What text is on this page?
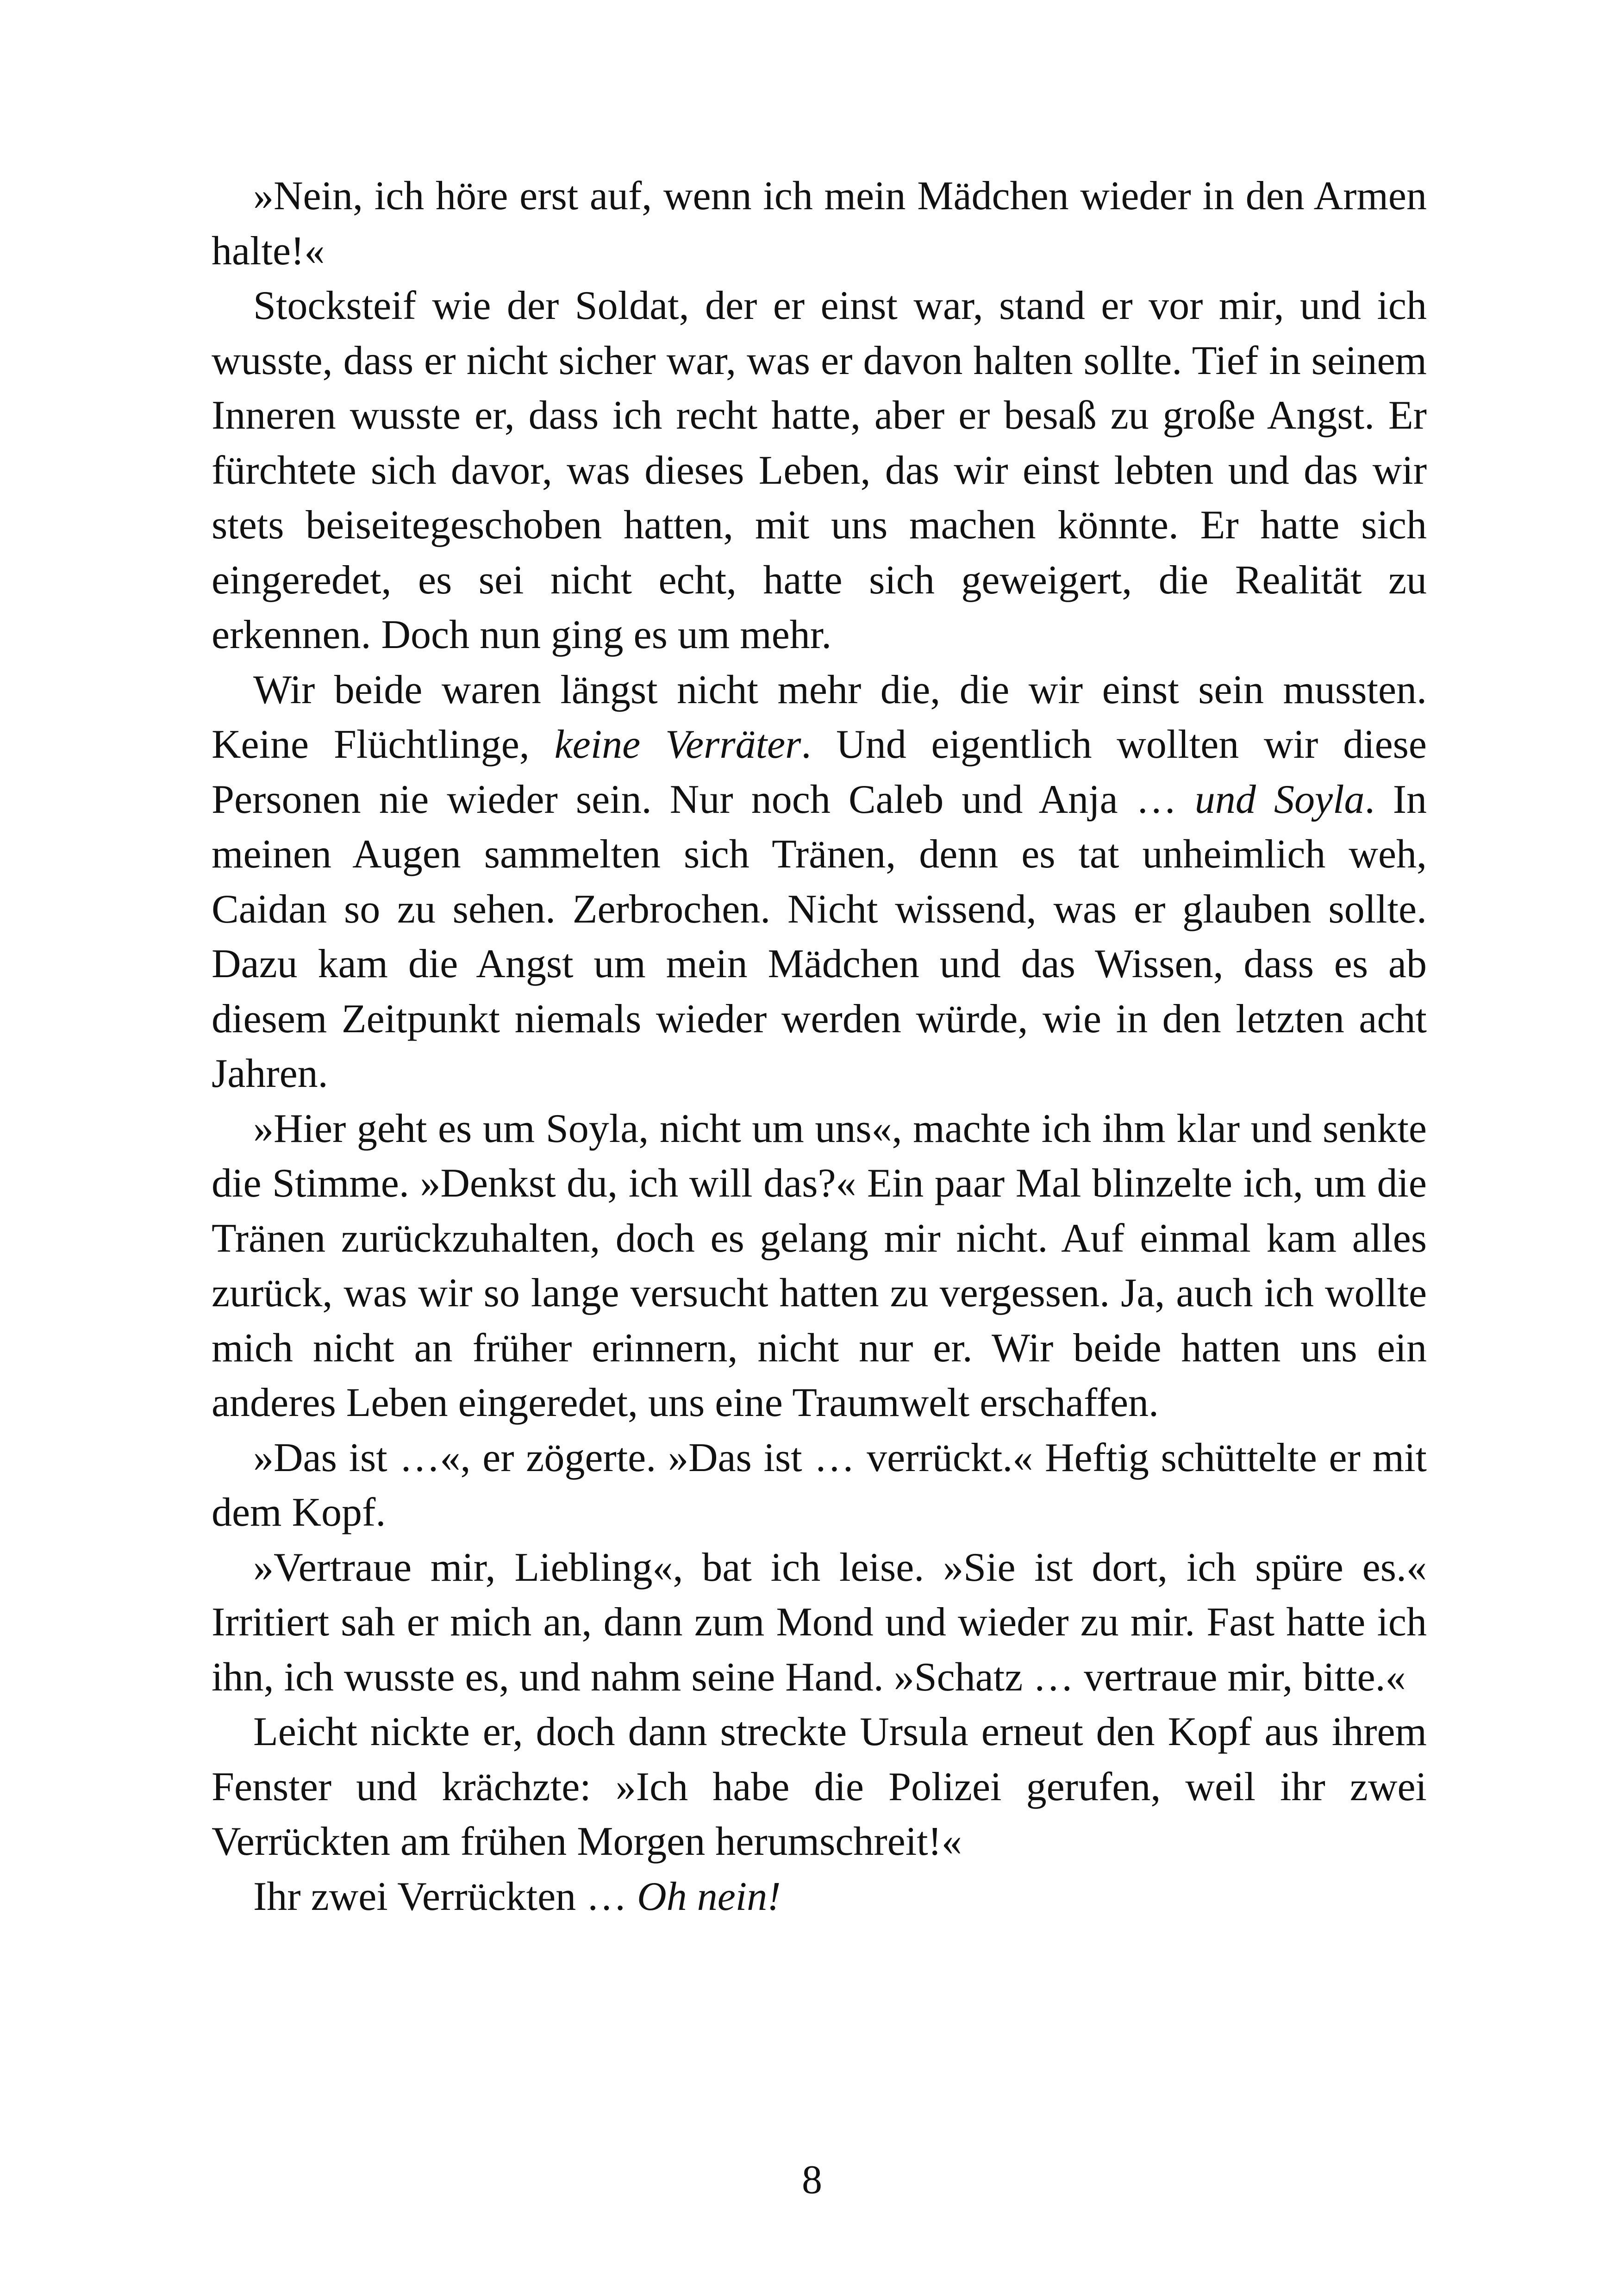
»Nein, ich höre erst auf, wenn ich mein Mädchen wieder in den Armen halte!«

Stocksteif wie der Soldat, der er einst war, stand er vor mir, und ich wusste, dass er nicht sicher war, was er davon halten sollte. Tief in seinem Inneren wusste er, dass ich recht hatte, aber er besaß zu große Angst. Er fürchtete sich davor, was dieses Leben, das wir einst lebten und das wir stets beiseitegeschoben hatten, mit uns machen könnte. Er hatte sich eingeredet, es sei nicht echt, hatte sich geweigert, die Realität zu erkennen. Doch nun ging es um mehr.

Wir beide waren längst nicht mehr die, die wir einst sein mussten. Keine Flüchtlinge, keine Verräter. Und eigentlich wollten wir diese Personen nie wieder sein. Nur noch Caleb und Anja … und Soyla. In meinen Augen sammelten sich Tränen, denn es tat unheimlich weh, Caidan so zu sehen. Zerbrochen. Nicht wissend, was er glauben sollte. Dazu kam die Angst um mein Mädchen und das Wissen, dass es ab diesem Zeitpunkt niemals wieder werden würde, wie in den letzten acht Jahren.

»Hier geht es um Soyla, nicht um uns«, machte ich ihm klar und senkte die Stimme. »Denkst du, ich will das?« Ein paar Mal blinzelte ich, um die Tränen zurückzuhalten, doch es gelang mir nicht. Auf einmal kam alles zurück, was wir so lange versucht hatten zu vergessen. Ja, auch ich wollte mich nicht an früher erinnern, nicht nur er. Wir beide hatten uns ein anderes Leben eingeredet, uns eine Traumwelt erschaffen.

»Das ist …«, er zögerte. »Das ist … verrückt.« Heftig schüttelte er mit dem Kopf.

»Vertraue mir, Liebling«, bat ich leise. »Sie ist dort, ich spüre es.« Irritiert sah er mich an, dann zum Mond und wieder zu mir. Fast hatte ich ihn, ich wusste es, und nahm seine Hand. »Schatz … vertraue mir, bitte.«

Leicht nickte er, doch dann streckte Ursula erneut den Kopf aus ihrem Fenster und krächzte: »Ich habe die Polizei gerufen, weil ihr zwei Verrückten am frühen Morgen herumschreit!«

Ihr zwei Verrückten … Oh nein!

8
